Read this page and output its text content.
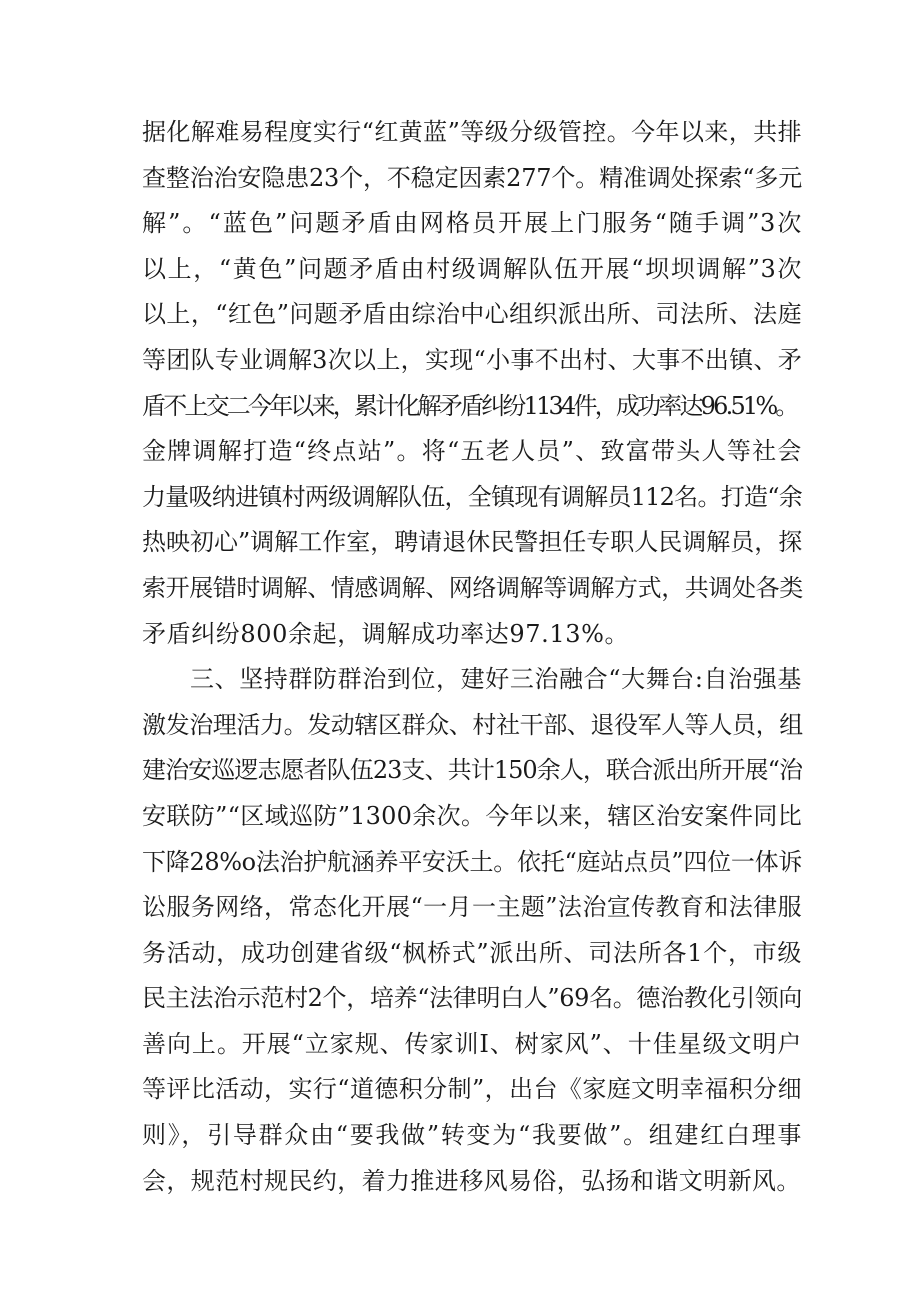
据化解难易程度实行“红黄蓝”等级分级管控。今年以来，共排
查整治治安隐患23个，不稳定因素277个。精准调处探索“多元
解”。“蓝色”问题矛盾由网格员开展上门服务“随手调”3次
以上，“黄色”问题矛盾由村级调解队伍开展“坝坝调解”3次
以上，“红色”问题矛盾由综治中心组织派出所、司法所、法庭
等团队专业调解3次以上，实现“小事不出村、大事不出镇、矛
盾不上交二今年以来，累计化解矛盾纠纷1134件，成功率达96.51%。
金牌调解打造“终点站”。将“五老人员”、致富带头人等社会
力量吸纳进镇村两级调解队伍，全镇现有调解员112名。打造“余
热映初心”调解工作室，聘请退休民警担任专职人民调解员，探
索开展错时调解、情感调解、网络调解等调解方式，共调处各类
矛盾纠纷800余起，调解成功率达97.13%。
三、坚持群防群治到位，建好三治融合“大舞台:自治强基
激发治理活力。发动辖区群众、村社干部、退役军人等人员，组
建治安巡逻志愿者队伍23支、共计150余人，联合派出所开展“治
安联防”“区域巡防”1300余次。今年以来，辖区治安案件同比
下降28%o法治护航涵养平安沃土。依托“庭站点员”四位一体诉
讼服务网络，常态化开展“一月一主题”法治宣传教育和法律服
务活动，成功创建省级“枫桥式”派出所、司法所各1个，市级
民主法治示范村2个，培养“法律明白人”69名。德治教化引领向
善向上。开展“立家规、传家训I、树家风”、十佳星级文明户
等评比活动，实行“道德积分制”，出台《家庭文明幸福积分细
则》，引导群众由“要我做”转变为“我要做”。组建红白理事
会，规范村规民约，着力推进移风易俗，弘扬和谐文明新风。
